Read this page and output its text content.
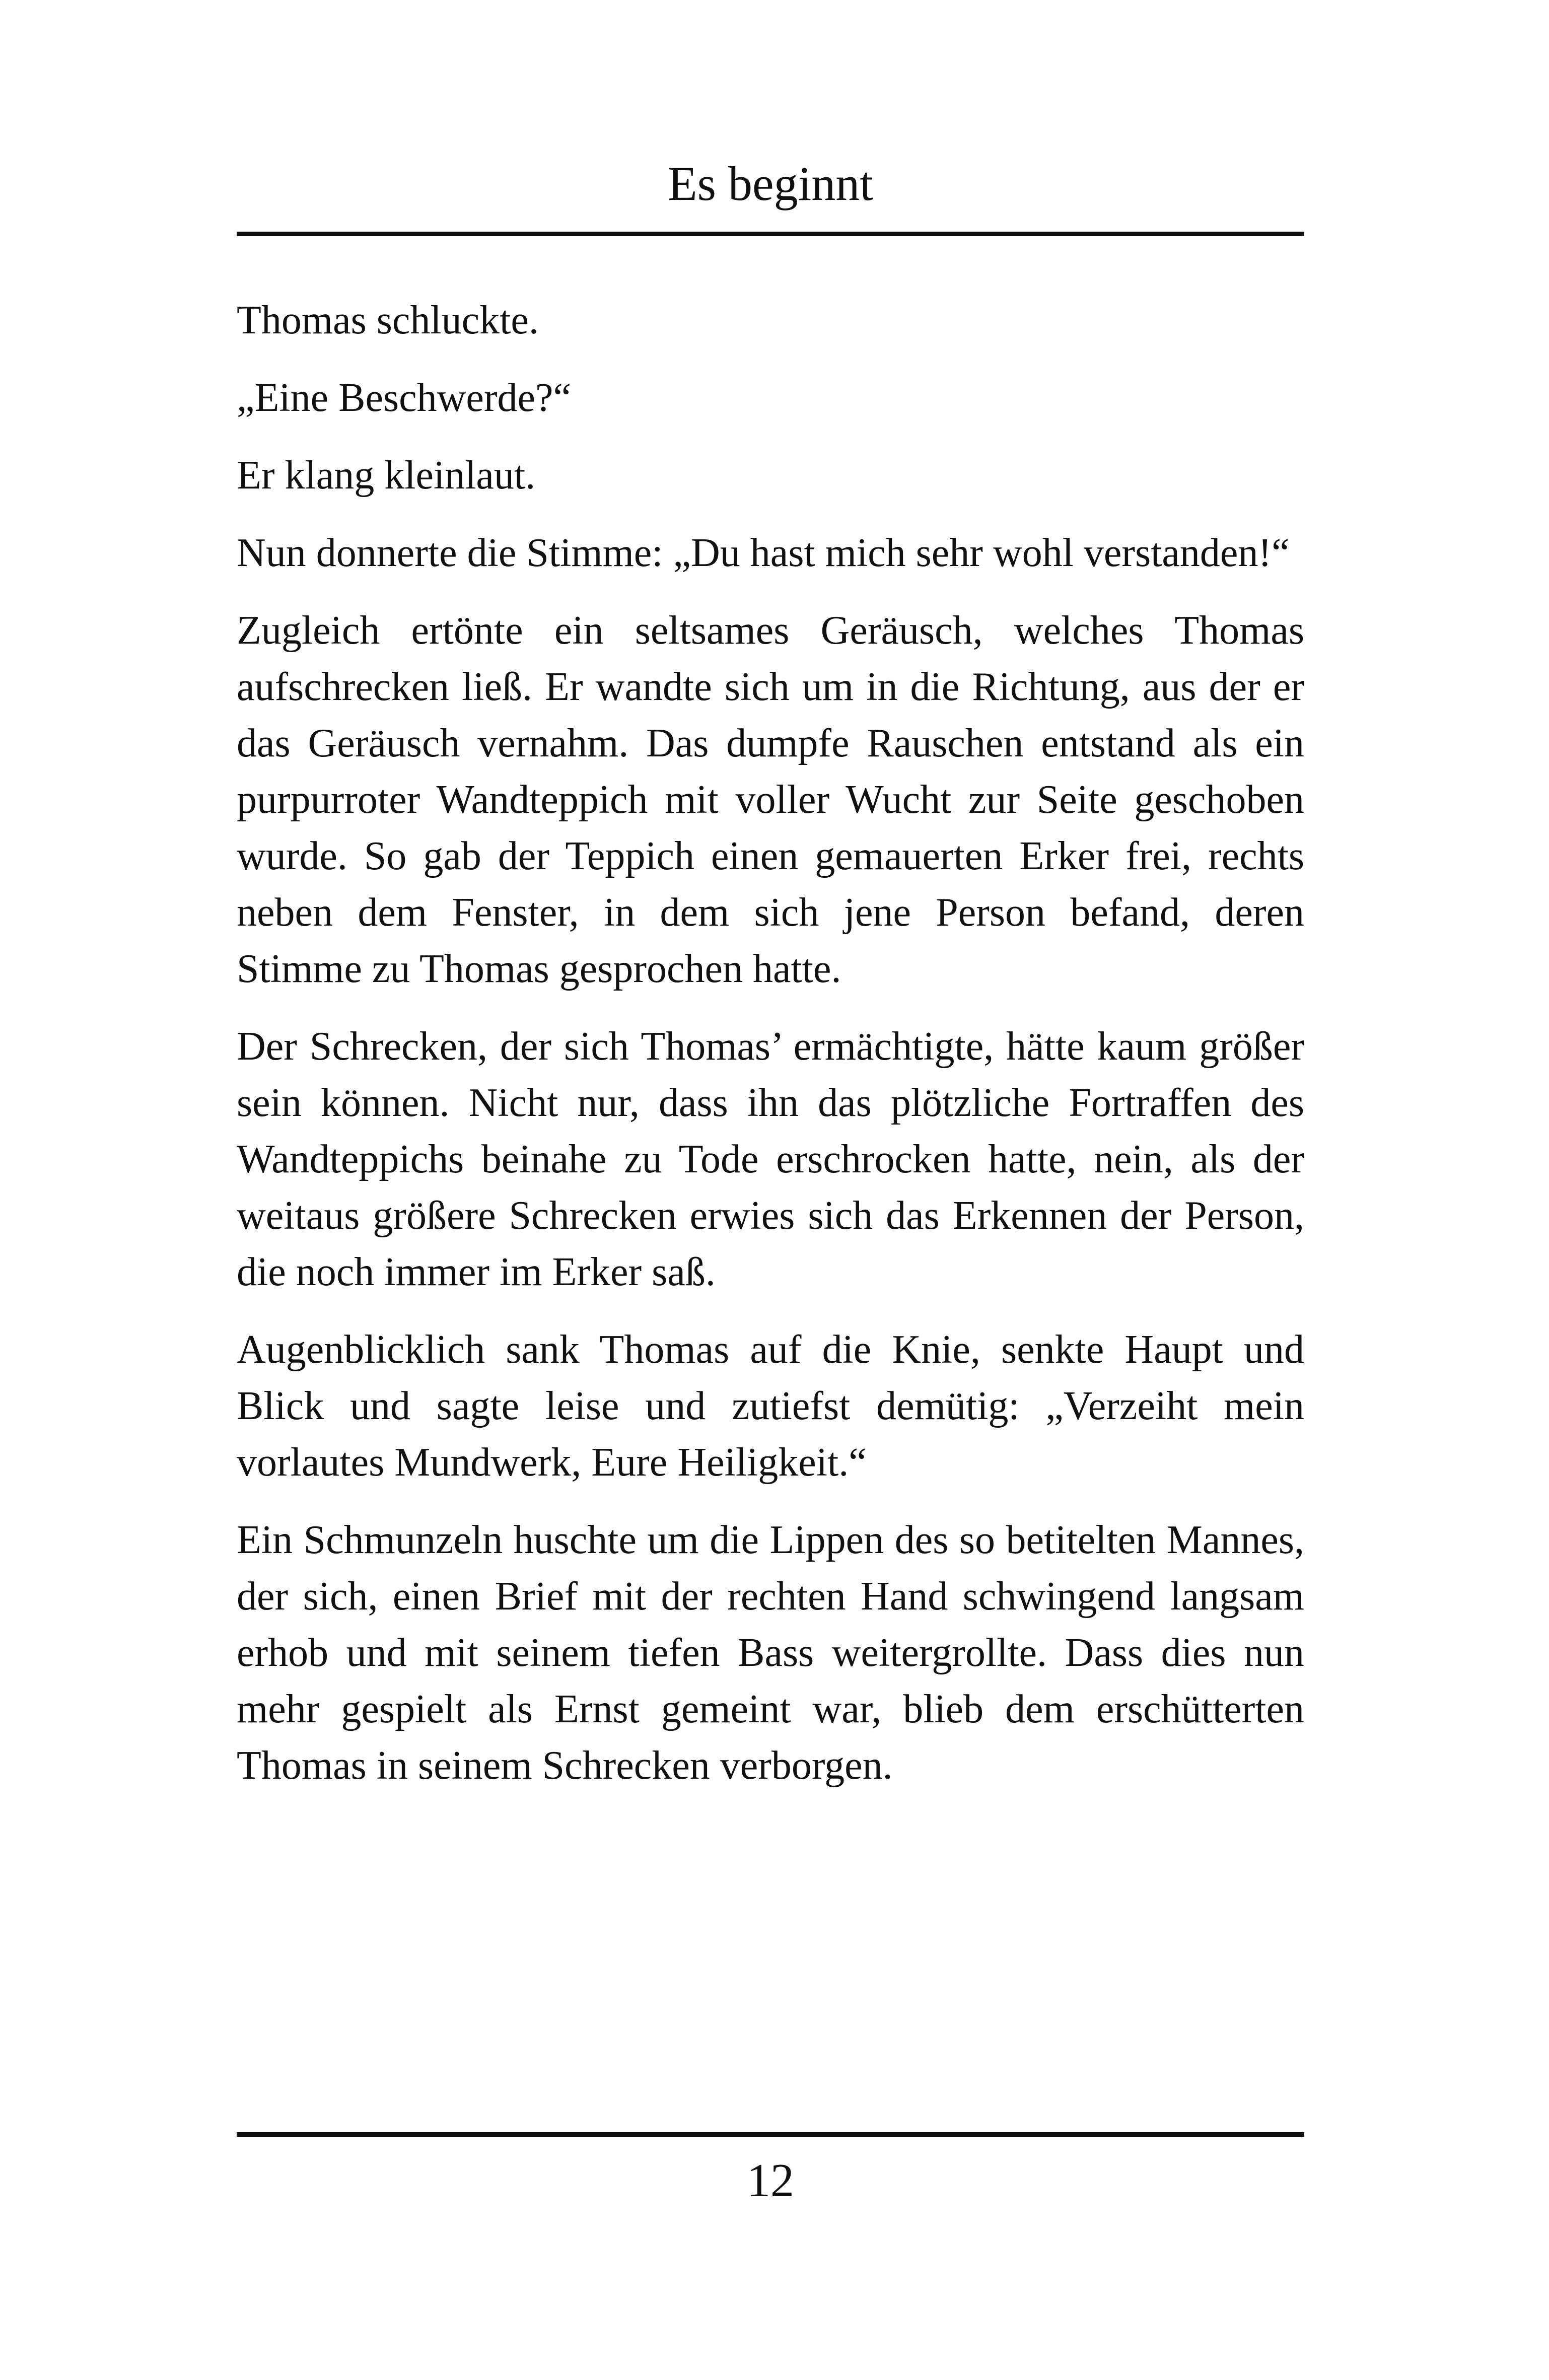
Es beginnt

Thomas schluckte.

„Eine Beschwerde?“

Er klang kleinlaut.

Nun donnerte die Stimme: „Du hast mich sehr wohl verstanden!“

Zugleich ertönte ein seltsames Geräusch, welches Thomas aufschrecken ließ. Er wandte sich um in die Richtung, aus der er das Geräusch vernahm. Das dumpfe Rauschen entstand als ein purpurroter Wandteppich mit voller Wucht zur Seite geschoben wurde. So gab der Teppich einen gemauerten Erker frei, rechts neben dem Fenster, in dem sich jene Person befand, deren Stimme zu Thomas gesprochen hatte.

Der Schrecken, der sich Thomas’ ermächtigte, hätte kaum größer sein können. Nicht nur, dass ihn das plötzliche Fortraffen des Wandteppichs beinahe zu Tode erschrocken hatte, nein, als der weitaus größere Schrecken erwies sich das Erkennen der Person, die noch immer im Erker saß.

Augenblicklich sank Thomas auf die Knie, senkte Haupt und Blick und sagte leise und zutiefst demütig: „Verzeiht mein vorlautes Mundwerk, Eure Heiligkeit.“

Ein Schmunzeln huschte um die Lippen des so betitelten Mannes, der sich, einen Brief mit der rechten Hand schwingend langsam erhob und mit seinem tiefen Bass weitergrollte. Dass dies nun mehr gespielt als Ernst gemeint war, blieb dem erschütterten Thomas in seinem Schrecken verborgen.

12
